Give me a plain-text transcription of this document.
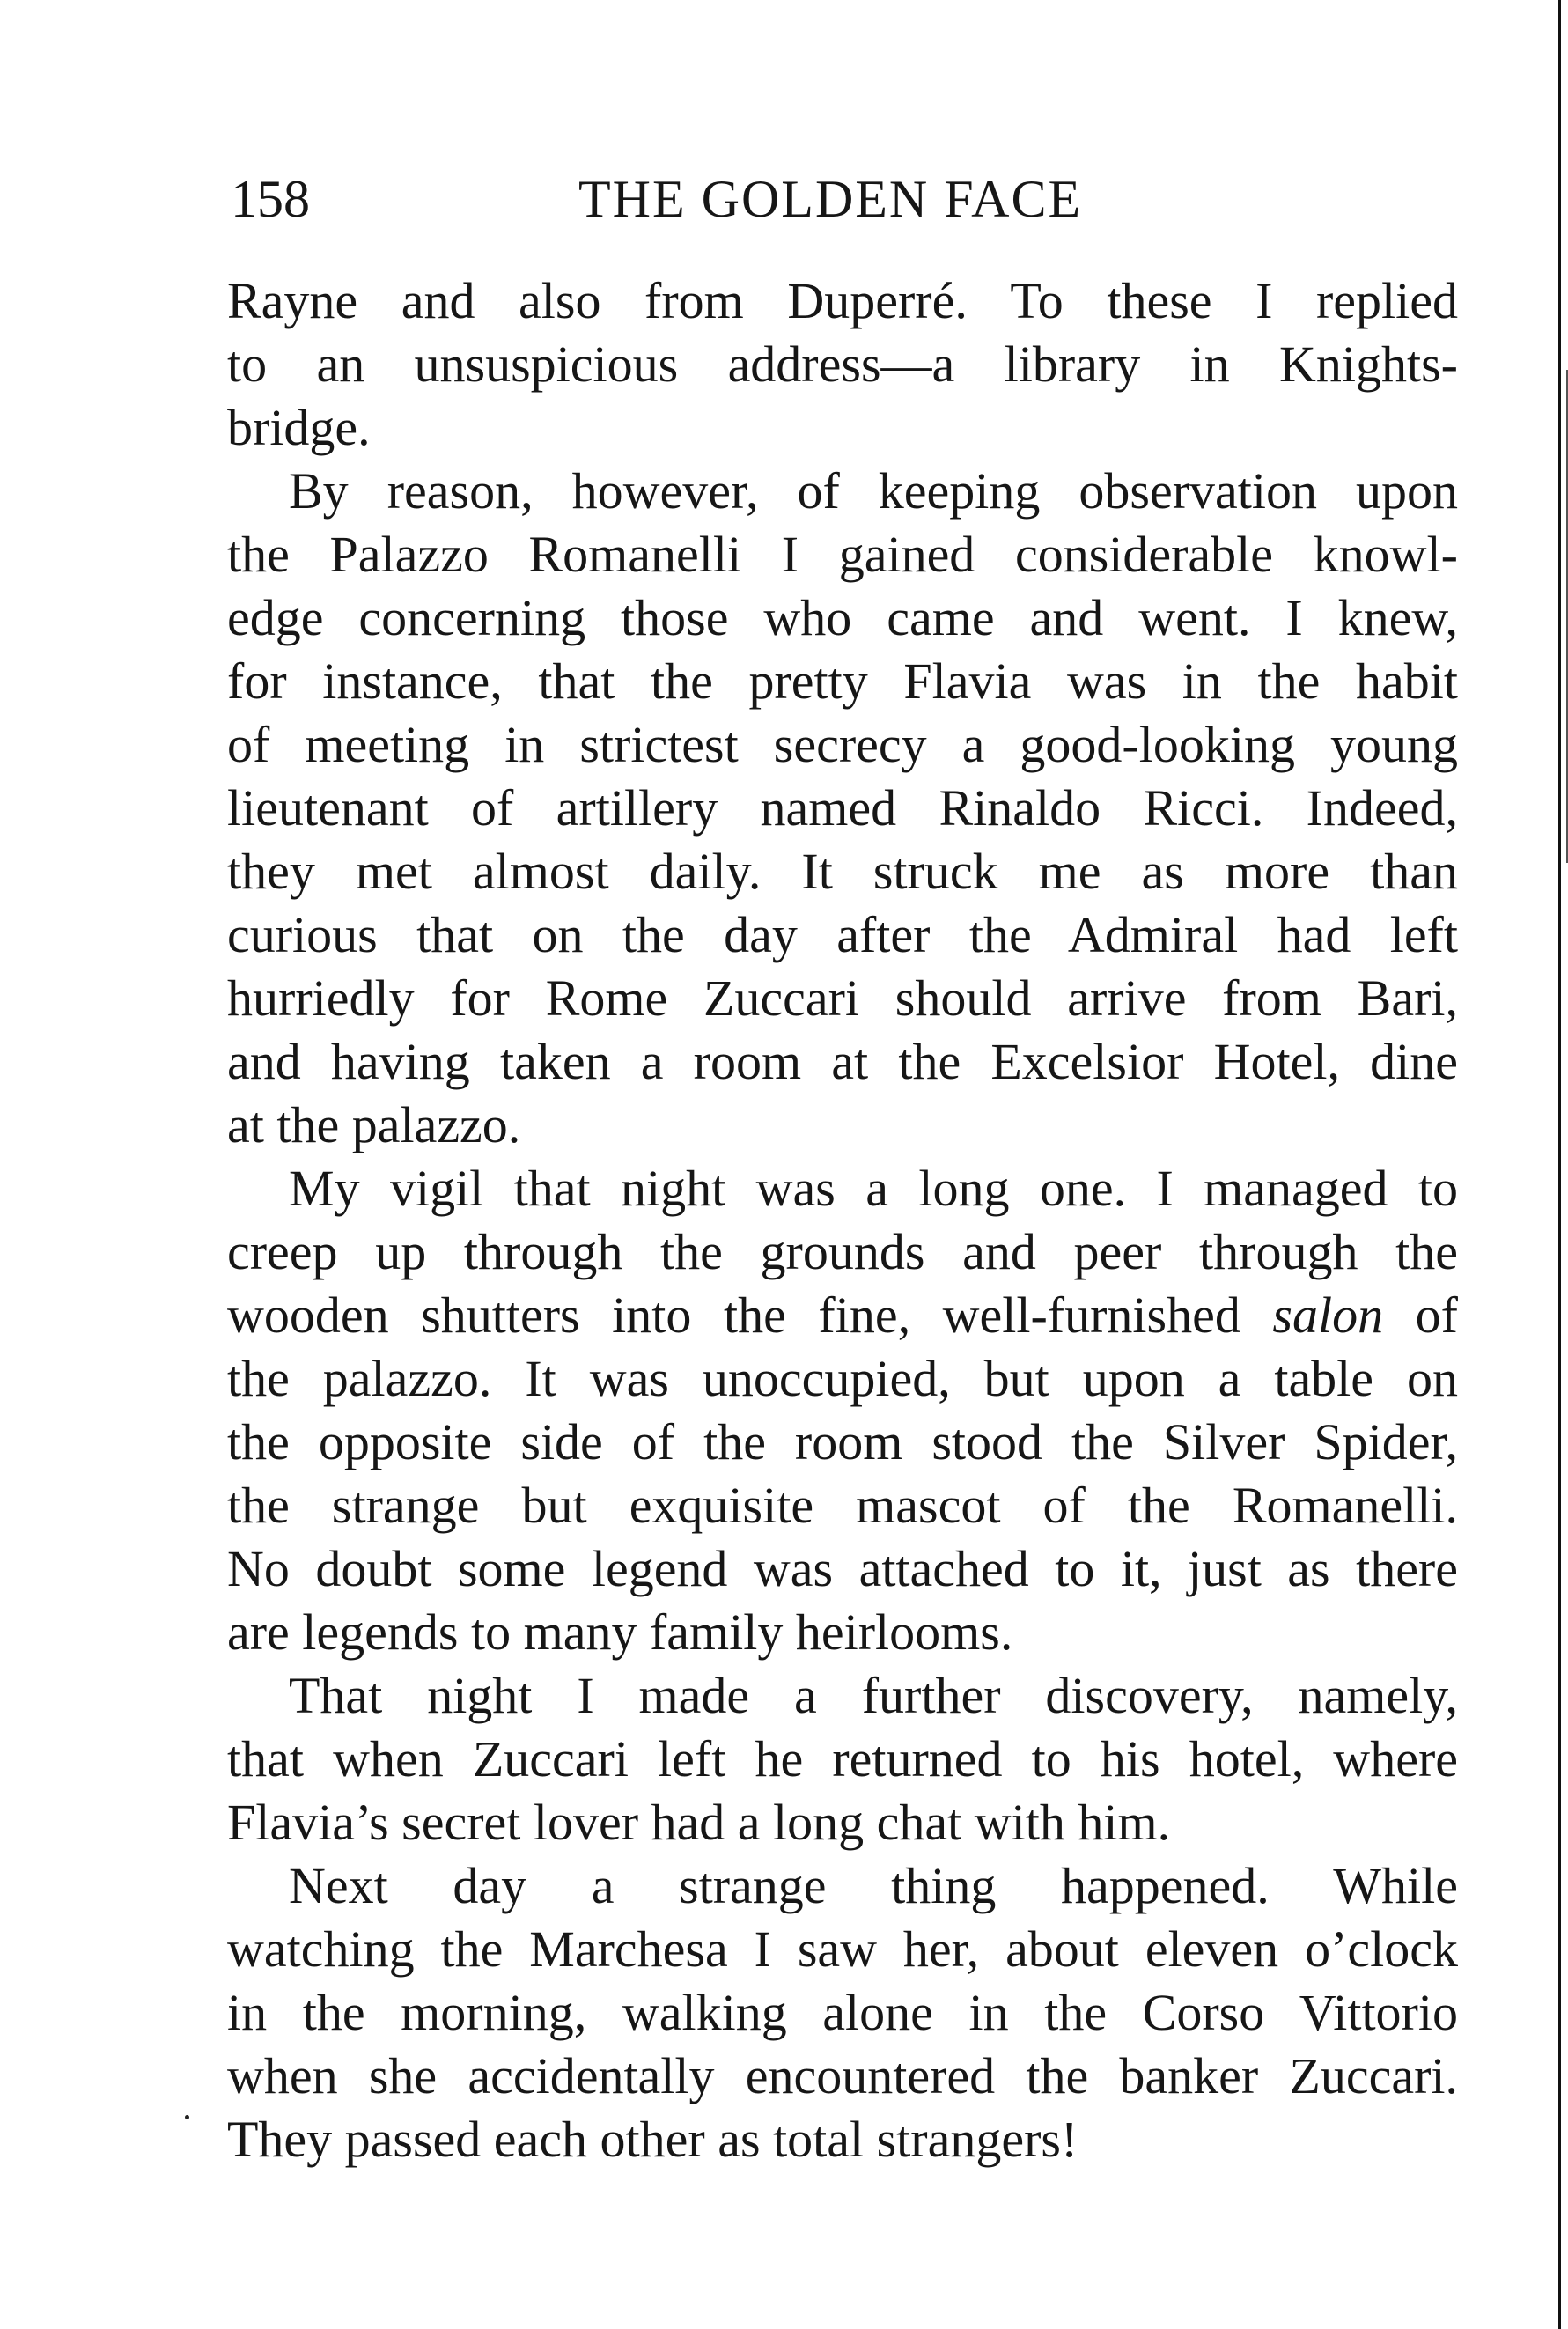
158	THE GOLDEN FACE
Rayne and also from Duperré. To these I replied
to an unsuspicious address—a library in Knights-
bridge.
By reason, however, of keeping observation upon
the Palazzo Romanelli I gained considerable knowl-
edge concerning those who came and went. I knew,
for instance, that the pretty Flavia was in the habit
of meeting in strictest secrecy a good-looking young
lieutenant of artillery named Rinaldo Ricci. Indeed,
they met almost daily. It struck me as more than
curious that on the day after the Admiral had left
hurriedly for Rome Zuccari should arrive from Bari,
and having taken a room at the Excelsior Hotel, dine
at the palazzo.
My vigil that night was a long one. I managed to
creep up through the grounds and peer through the
wooden shutters into the fine, well-furnished salon of
the palazzo. It was unoccupied, but upon a table on
the opposite side of the room stood the Silver Spider,
the strange but exquisite mascot of the Romanelli.
No doubt some legend was attached to it, just as there
are legends to many family heirlooms.
That night I made a further discovery, namely,
that when Zuccari left he returned to his hotel, where
Flavia’s secret lover had a long chat with him.
Next day a strange thing happened. While
watching the Marchesa I saw her, about eleven o’clock
in the morning, walking alone in the Corso Vittorio
when she accidentally encountered the banker Zuccari.
They passed each other as total strangers!
